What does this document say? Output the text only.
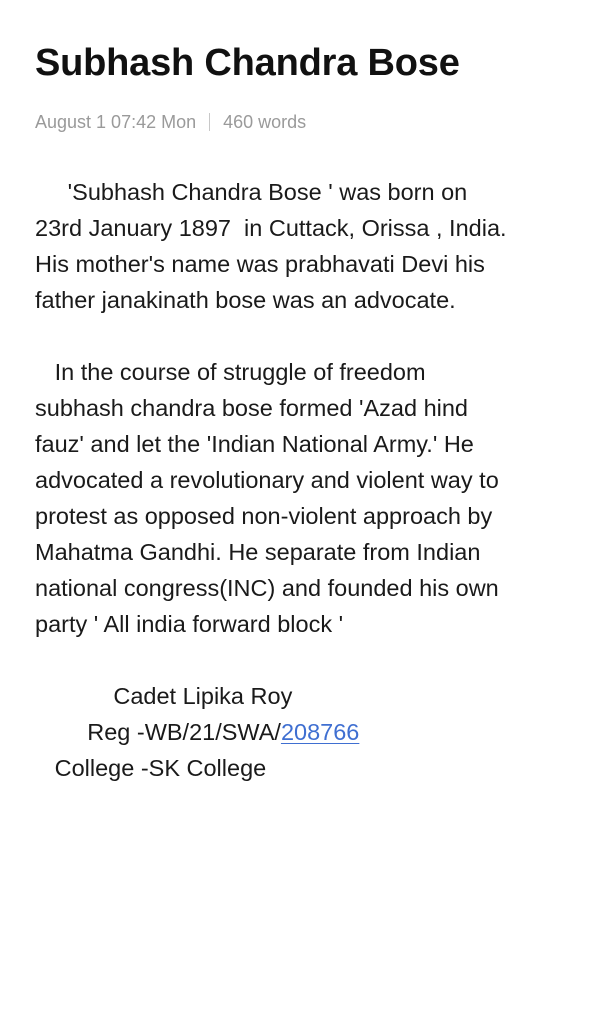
Subhash Chandra Bose
August 1 07:42 Mon 460 words

'Subhash Chandra Bose ' was born on
23rd January 1897  in Cuttack, Orissa , India.
His mother's name was prabhavati Devi his
father janakinath bose was an advocate.

In the course of struggle of freedom
subhash chandra bose formed 'Azad hind
fauz' and let the 'Indian National Army.' He
advocated a revolutionary and violent way to
protest as opposed non-violent approach by
Mahatma Gandhi. He separate from Indian
national congress(INC) and founded his own
party ' All india forward block '

Cadet Lipika Roy

Reg -WB/21/SWA/208766

College -SK College
